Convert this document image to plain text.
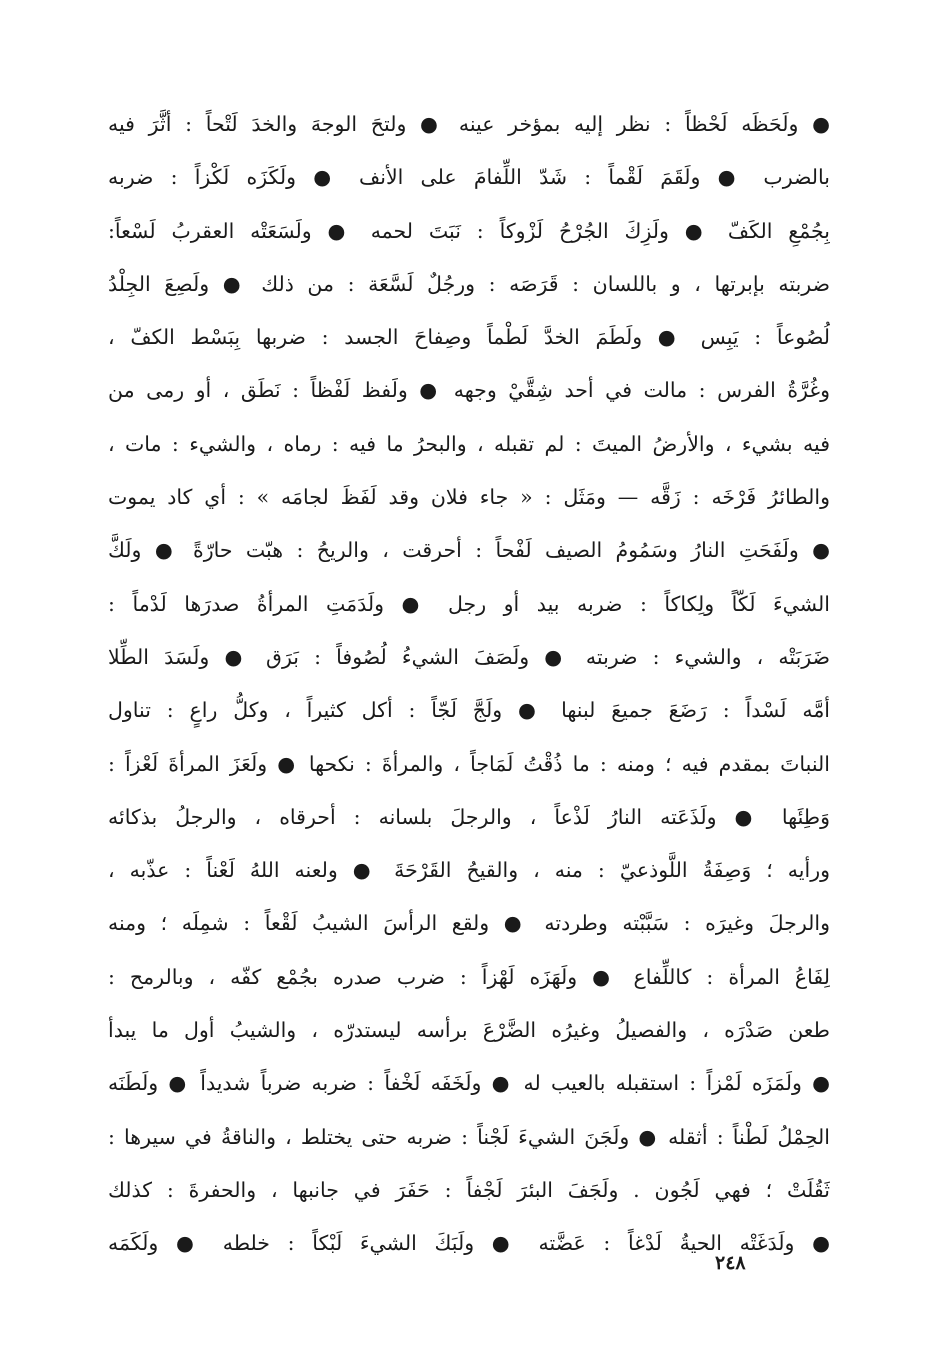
● ولَحَظَه لَحْظاً : نظر إليه بمؤخر عينه ● ولتحَ الوجهَ والخدَ لَتْحاً : أثَّرَ فيه
بالضرب ● ولَقَمَ لَقْماً : شَدّ اللِّفامَ على الأنف ● ولَكَزَه لَكْزاً : ضربه
بِجُمْعِ الكَفّ ● ولَزِكَ الجُرْحُ لَزْوكاً : نَبَتَ لحمه ● ولَسَعَتْه العقربُ لَسْعاً:
ضربته بإبرتها ، و باللسان : قَرَصَه : ورجُلٌ لَسَّعَة : من ذلك ● ولَصِعَ الجِلْدُ
لُصُوعاً : يَبِس ● ولَطَمَ الخدَّ لَطْماً وصِفاحَ الجسد : ضربها بِبَسْط الكفّ ،
وغُرَّةُ الفرس : مالت في أحد شِقَّيْ وجهه ● ولَفظ لَفْظاً : نَطَق ، أو رمى من
فيه بشيء ، والأرضُ الميتَ : لم تقبله ، والبحرُ ما فيه : رماه ، والشيء : مات ،
والطائرُ فَرْخَه : زَقَّه — ومَثَل : « جاء فلان وقد لَفَظَ لجامَه » : أي كاد يموت
● ولَفَحَتِ النارُ وسَمُومُ الصيف لَفْحاً : أحرقت ، والريحُ : هبّت حارّةً ● ولَكَّ
الشيءَ لَكّاً ولِكاكاً : ضربه بيد أو رجل ● ولَدَمَتِ المرأةُ صدرَها لَدْماً :
ضَرَبَتْه ، والشيء : ضربته ● ولَصَفَ الشيءُ لُصُوفاً : بَرَق ● ولَسَدَ الطِّلا
أمَّه لَسْداً : رَضَعَ جميعَ لبنها ● ولَجَّ لَجّاً : أكل كثيراً ، وكلُّ راعٍ : تناول
النباتَ بمقدم فيه ؛ ومنه : ما ذُقْتُ لَمَاجاً ، والمرأةَ : نكحها ● ولَعَزَ المرأةَ لَعْزاً :
وَطِئَها ● ولَذَعَته النارُ لَذْعاً ، والرجلَ بلسانه : أحرقاه ، والرجلُ بذكائه
ورأيه ؛ وَصِفَةُ اللَّوذعيّ : منه ، والقيحُ القَرْحَةَ ● ولعنه اللهُ لَعْناً : عذّبه ،
والرجلَ وغيرَه : سَبَّبْته وطردته ● ولقع الرأسَ الشيبُ لَقْعاً : شمِلَه ؛ ومنه
لِفَاعُ المرأة : كاللِّفاع ● ولَهَزَه لَهْزاً : ضرب صدره بجُمْع كفّه ، وبالرمح :
طعن صَدْرَه ، والفصيلُ وغيرُه الضَّرْعَ برأسه ليستدرّه ، والشيبُ أول ما يبدأ
● ولَمَزَه لَمْزاً : استقبله بالعيب له ● ولَخَفَه لَخْفاً : ضربه ضرباً شديداً ● ولَطَنَه
الحِمْلُ لَطْناً : أثقله ● ولَجَنَ الشيءَ لَجْناً : ضربه حتى يختلط ، والناقةُ في سيرها :
ثَقُلَتْ ؛ فهي لَجُون . ولَجَفَ البئرَ لَجْفاً : حَفَرَ في جانبها ، والحفرةَ : كذلك
● ولَدَغَتْه الحيةُ لَدْغاً : عَضَّته ● ولَبَكَ الشيءَ لَبْكاً : خلطه ● ولَكَمَه
٢٤٨
